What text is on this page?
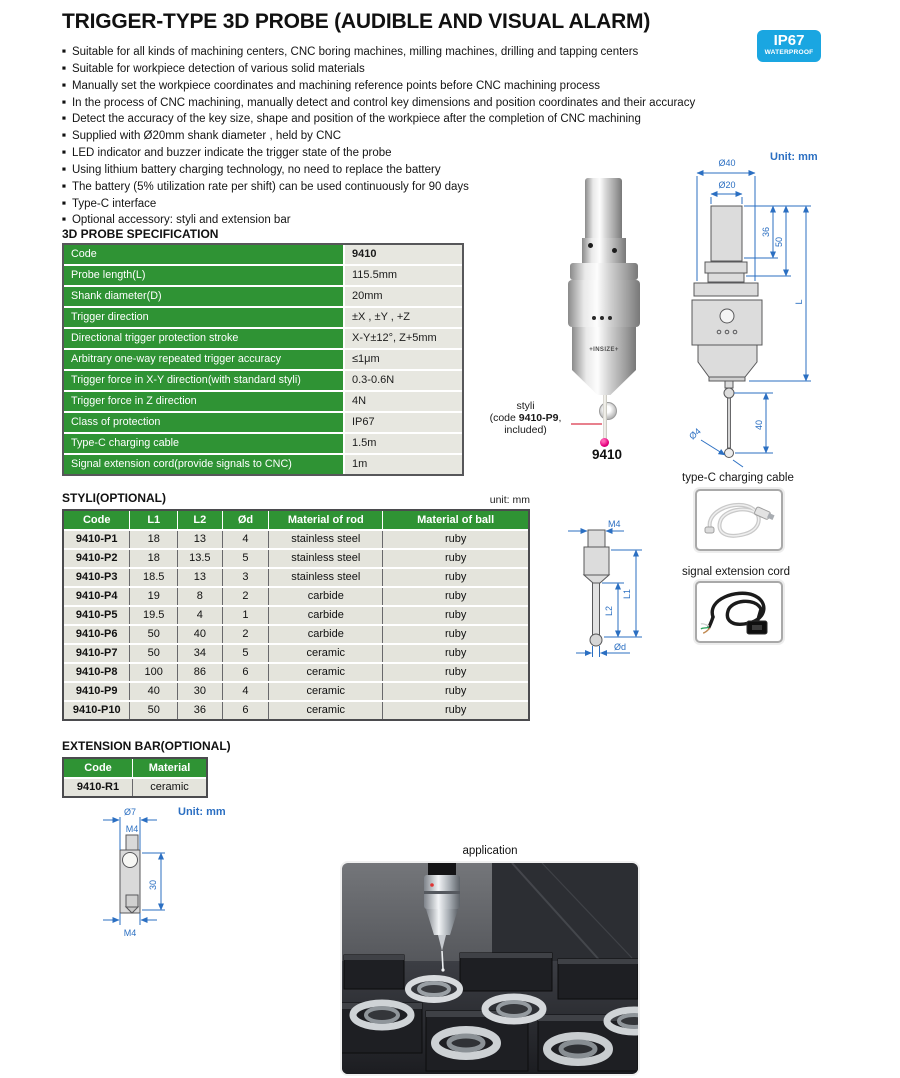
TRIGGER-TYPE 3D PROBE (AUDIBLE AND VISUAL ALARM)
IP67
WATERPROOF
■ Suitable for all kinds of machining centers, CNC boring machines, milling machines, drilling and tapping centers
■ Suitable for workpiece detection of various solid materials
■ Manually set the workpiece coordinates and machining reference points before CNC machining process
■ In the process of CNC machining, manually detect and control key dimensions and position coordinates and their accuracy
■ Detect the accuracy of the key size, shape and position of the workpiece after the completion of CNC machining
■ Supplied with Ø20mm shank diameter , held by CNC
■ LED indicator and buzzer indicate the trigger state of the probe
■ Using lithium battery charging technology, no need to replace the battery
■ The battery (5% utilization rate per shift) can be used continuously for 90 days
■ Type-C interface
■ Optional accessory: styli and extension bar
3D PROBE SPECIFICATION
Code	9410
Probe length(L)	115.5mm
Shank diameter(D)	20mm
Trigger direction	±X , ±Y , +Z
Directional trigger protection stroke	X-Y±12°, Z+5mm
Arbitrary one-way repeated trigger accuracy	≤1μm
Trigger force in X-Y direction(with standard styli)	0.3-0.6N
Trigger force in Z direction	4N
Class of protection	IP67
Type-C charging cable	1.5m
Signal extension cord(provide signals to CNC)	1m
STYLI(OPTIONAL)	unit: mm
Code	L1	L2	Ød	Material of rod	Material of ball
9410-P1	18	13	4	stainless steel	ruby
9410-P2	18	13.5	5	stainless steel	ruby
9410-P3	18.5	13	3	stainless steel	ruby
9410-P4	19	8	2	carbide	ruby
9410-P5	19.5	4	1	carbide	ruby
9410-P6	50	40	2	carbide	ruby
9410-P7	50	34	5	ceramic	ruby
9410-P8	100	86	6	ceramic	ruby
9410-P9	40	30	4	ceramic	ruby
9410-P10	50	36	6	ceramic	ruby
EXTENSION BAR(OPTIONAL)
Code	Material
9410-R1	ceramic
Unit: mm
Ø7
M4
30
M4
+INSIZE+
styli
(code 9410-P9,
included)
9410
Unit: mm
Ø40
Ø20
36
50
L
40
Ø4
M4
L1
L2
Ød
type-C charging cable
signal extension cord
application
